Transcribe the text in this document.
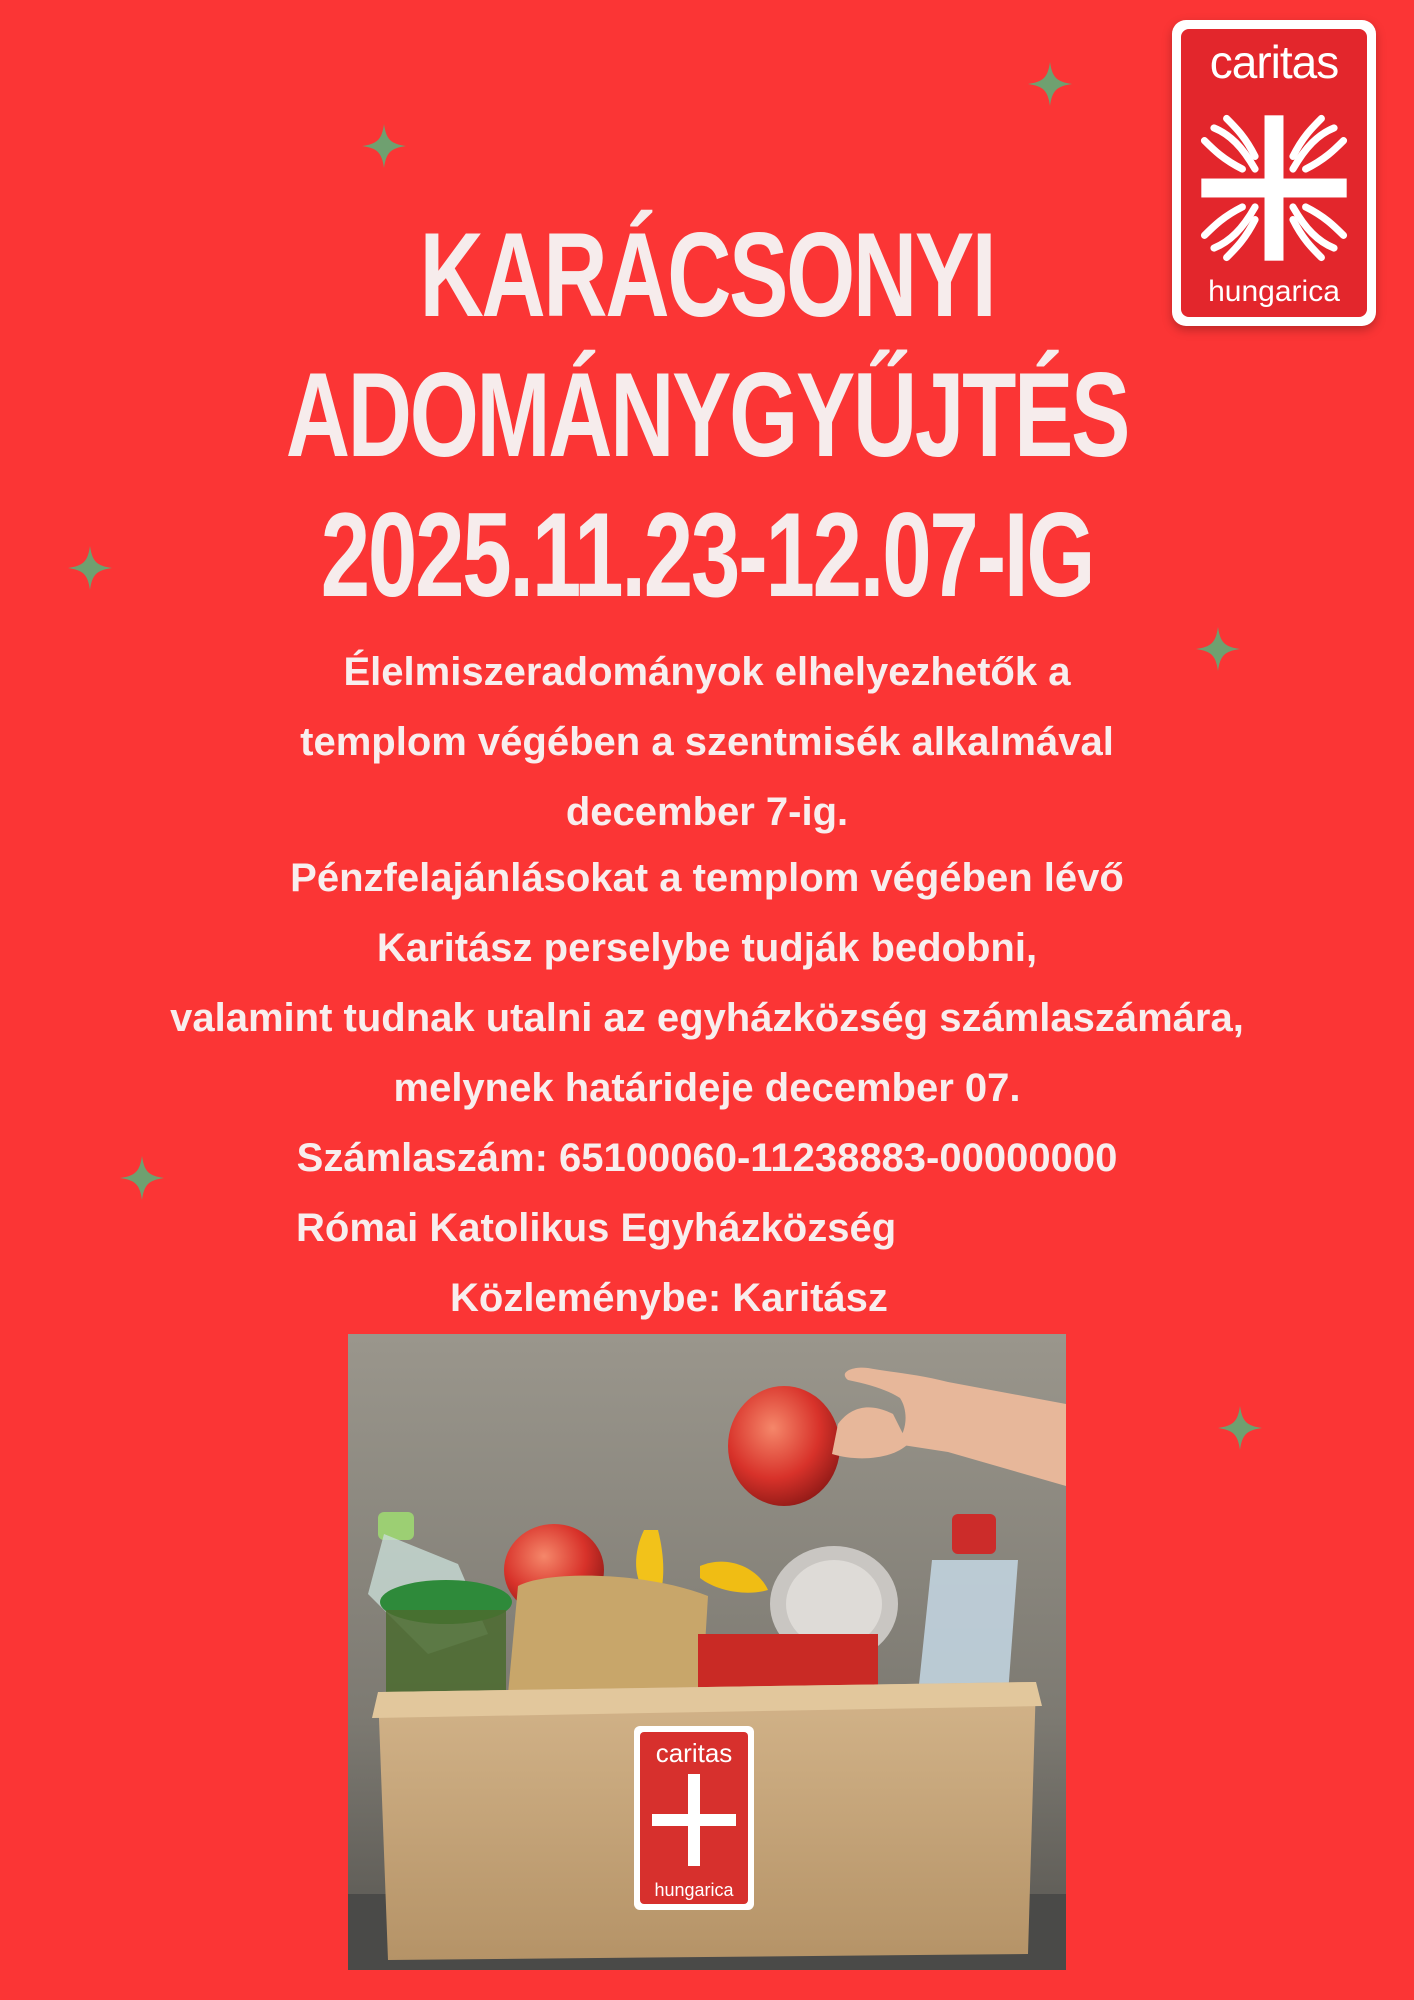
caritas
hungarica
KARÁCSONYI
ADOMÁNYGYŰJTÉS
2025.11.23-12.07-IG
Élelmiszeradományok elhelyezhetők a
templom végében a szentmisék alkalmával
december 7-ig.
Pénzfelajánlásokat a templom végében lévő
Karitász perselybe tudják bedobni,
valamint tudnak utalni az egyházközség számlaszámára,
melynek határideje december 07.
Számlaszám: 65100060-11238883-00000000
Római Katolikus Egyházközség
Közleménybe: Karitász
caritas
hungarica
